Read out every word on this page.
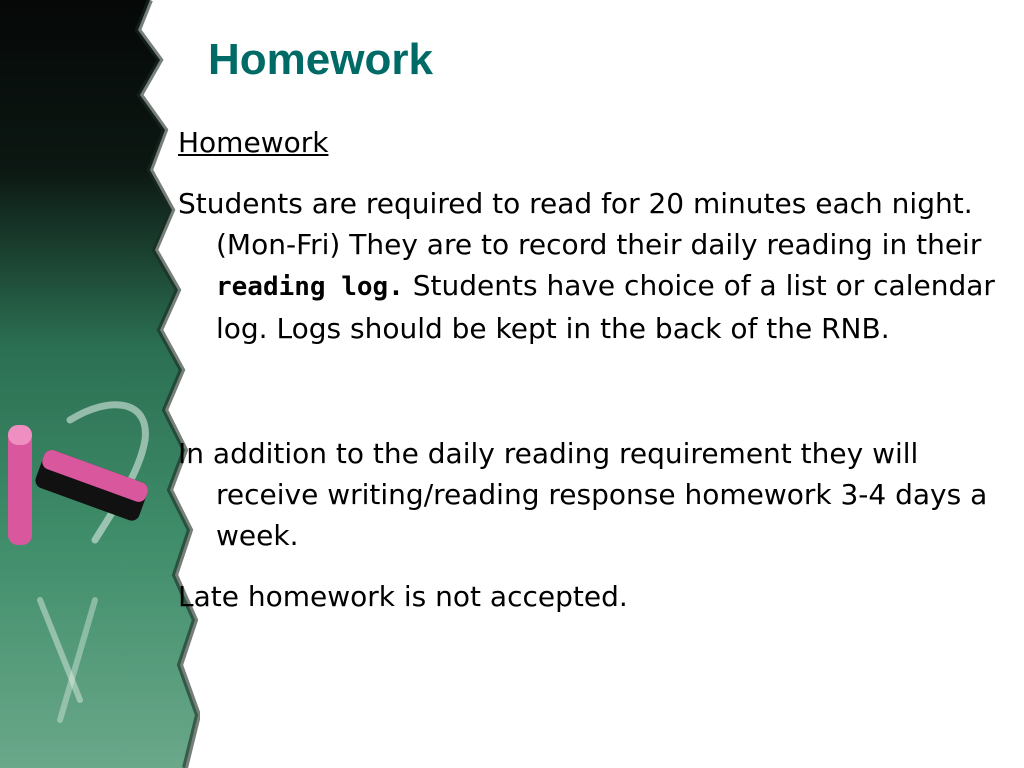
Homework

Homework

Students are required to read for 20 minutes each night. (Mon-Fri) They are to record their daily reading in their reading log. Students have choice of a list or calendar log. Logs should be kept in the back of the RNB.

In addition to the daily reading requirement they will receive writing/reading response homework 3-4 days a week.

Late homework is not accepted.
